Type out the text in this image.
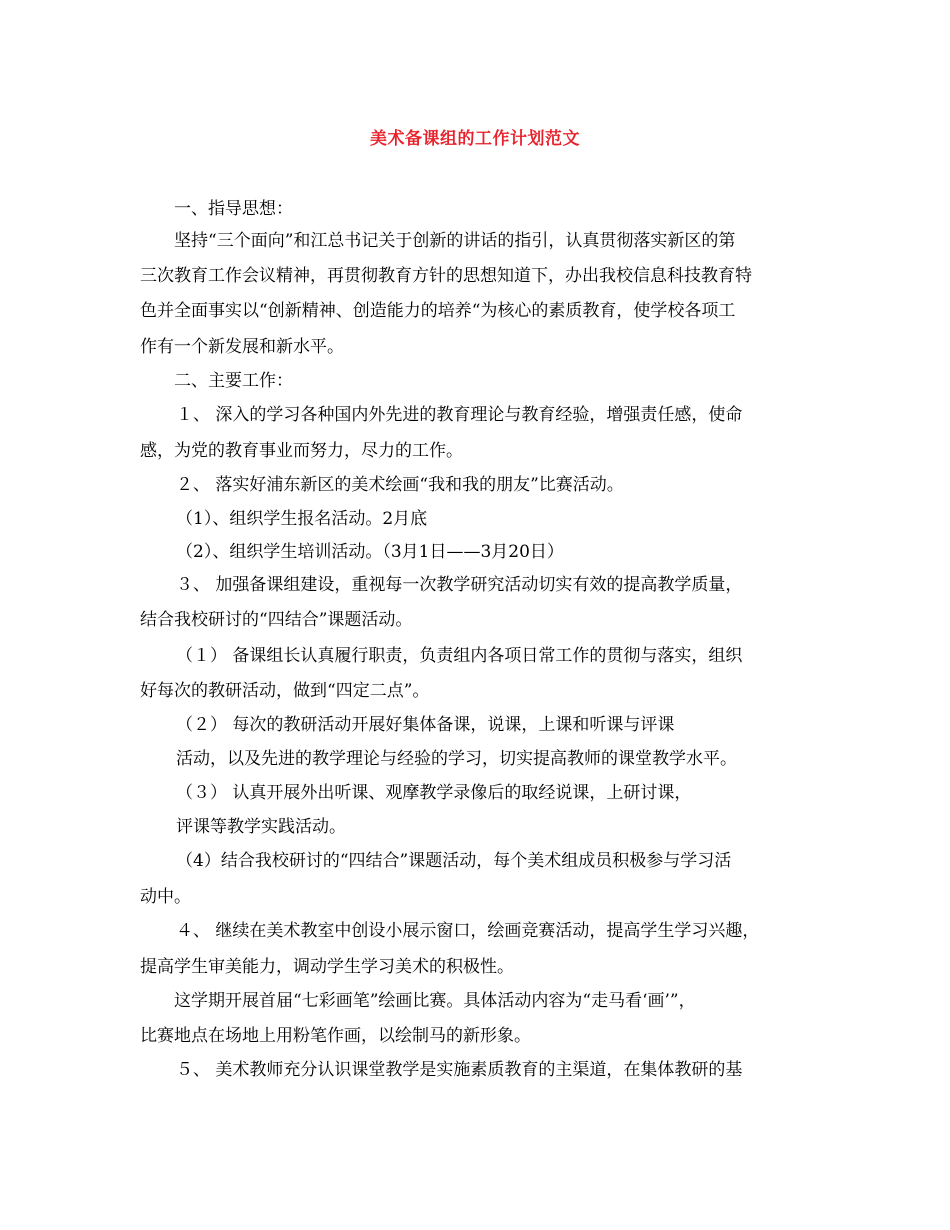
美术备课组的工作计划范文
一、指导思想：
坚持“三个面向”和江总书记关于创新的讲话的指引，认真贯彻落实新区的第
三次教育工作会议精神，再贯彻教育方针的思想知道下，办出我校信息科技教育特
色并全面事实以“创新精神、创造能力的培养“为核心的素质教育，使学校各项工
作有一个新发展和新水平。
二、主要工作：
１、 深入的学习各种国内外先进的教育理论与教育经验，增强责任感，使命
感，为党的教育事业而努力，尽力的工作。
２、 落实好浦东新区的美术绘画“我和我的朋友”比赛活动。
（1）、组织学生报名活动。2月底
（2）、组织学生培训活动。（3月1日——3月20日）
３、 加强备课组建设，重视每一次教学研究活动切实有效的提高教学质量，
结合我校研讨的“四结合”课题活动。
（１） 备课组长认真履行职责，负责组内各项日常工作的贯彻与落实，组织
好每次的教研活动，做到“四定二点”。
（２） 每次的教研活动开展好集体备课，说课，上课和听课与评课
活动，以及先进的教学理论与经验的学习，切实提高教师的课堂教学水平。
（３） 认真开展外出听课、观摩教学录像后的取经说课，上研讨课，
评课等教学实践活动。
（4）结合我校研讨的“四结合”课题活动，每个美术组成员积极参与学习活
动中。
４、 继续在美术教室中创设小展示窗口，绘画竞赛活动，提高学生学习兴趣，
提高学生审美能力，调动学生学习美术的积极性。
这学期开展首届“七彩画笔”绘画比赛。具体活动内容为“走马看‘画’”，
比赛地点在场地上用粉笔作画，以绘制马的新形象。
５、 美术教师充分认识课堂教学是实施素质教育的主渠道，在集体教研的基
